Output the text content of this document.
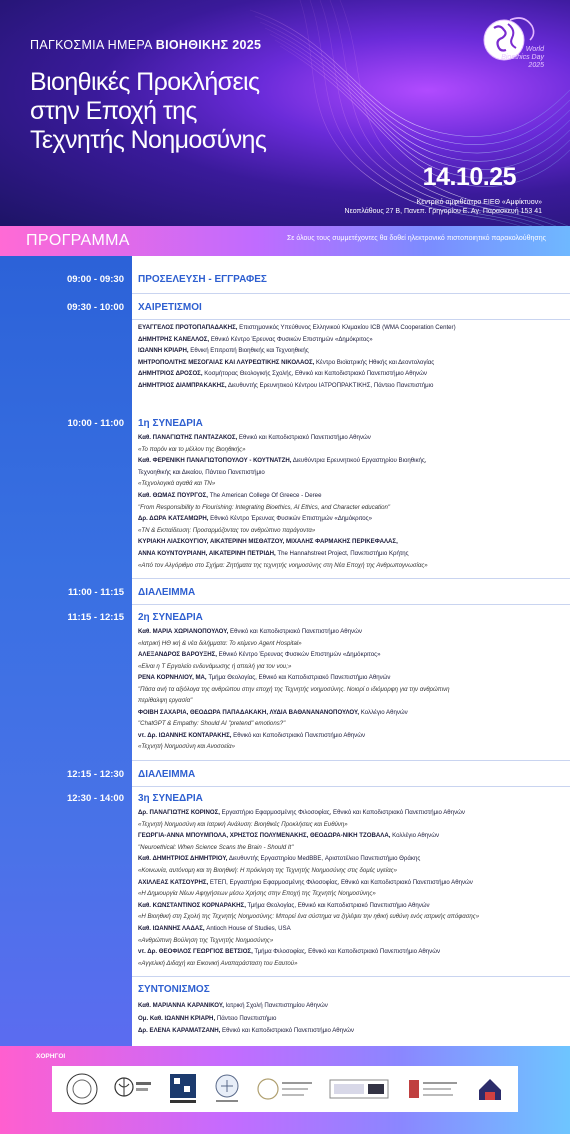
ΠΑΓΚΟΣΜΙΑ ΗΜΕΡΑ ΒΙΟΗΘΙΚΗΣ 2025
Βιοηθικές Προκλήσεις
στην Εποχή της
Τεχνητής Νοημοσύνης
World Bioethics Day 2025
14.10.25
Κεντρικό αμφιθέατρο ΕΙΕΘ «Αμφίκτυον»
Νεοπλάθους 27 Β, Πανεπ. Γρηγορίου Ε. Αγ. Παρασκευή 153 41
ΠΡΟΓΡΑΜΜΑ	Σε όλους τους συμμετέχοντες θα δοθεί ηλεκτρονικό πιστοποιητικό παρακολούθησης
09:00 - 09:30
09:30 - 10:00
10:00 - 11:00
11:00 - 11:15
11:15 - 12:15
12:15 - 12:30
12:30 - 14:00
ΠΡΟΣΕΛΕΥΣΗ - ΕΓΓΡΑΦΕΣ
ΧΑΙΡΕΤΙΣΜΟΙ
1η ΣΥΝΕΔΡΙΑ
ΔΙΑΛΕΙΜΜΑ
2η ΣΥΝΕΔΡΙΑ
ΔΙΑΛΕΙΜΜΑ
3η ΣΥΝΕΔΡΙΑ
ΣΥΝΤΟΝΙΣΜΟΣ
ΕΥΑΓΓΕΛΟΣ ΠΡΟΤΟΠΑΠΑΔΑΚΗΣ, Επιστημονικός Υπεύθυνος Ελληνικού Κλιμακίου ICB (WMA Cooperation Center)
ΔΗΜΗΤΡΗΣ ΚΑΝΕΛΛΟΣ, Εθνικό Κέντρο Έρευνας Φυσικών Επιστημών «Δημόκριτος»
ΙΩΑΝΝΗ ΚΡΙΑΡΗ, Εθνική Επιτροπή Βιοηθικής και Τεχνοηθικής
ΜΗΤΡΟΠΟΛΙΤΗΣ ΜΕΣΟΓΑΙΑΣ ΚΑΙ ΛΑΥΡΕΩΤΙΚΗΣ ΝΙΚΟΛΑΟΣ, Κέντρο Βιοϊατρικής Ηθικής και Δεοντολογίας
ΔΗΜΗΤΡΙΟΣ ΔΡΟΣΟΣ, Κοσμήτορας Θεολογικής Σχολής, Εθνικό και Καποδιστριακό Πανεπιστήμιο Αθηνών
ΔΗΜΗΤΡΙΟΣ ΔΙΑΜΠΡΑΚΑΚΗΣ, Διευθυντής Ερευνητικού Κέντρου ΙΑΤΡΟΠΡΑΚΤΙΚΗΣ, Πάντειο Πανεπιστήμιο
Καθ. ΠΑΝΑΓΙΩΤΗΣ ΠΑΝΤΑΖΑΚΟΣ, Εθνικό και Καποδιστριακό Πανεπιστήμιο Αθηνών
«Το παρόν και το μέλλον της Βιοηθικής»
Καθ. ΦΕΡΕΝΙΚΗ ΠΑΝΑΓΙΩΤΟΠΟΥΛΟΥ - ΚΟΥΤΝΑΤΖΗ, Διευθύντρια Ερευνητικού Εργαστηρίου Βιοηθικής,
Τεχνοηθικής και Δικαίου, Πάντειο Πανεπιστήμιο
«Τεχνολογικά αγαθά και ΤΝ»
Καθ. ΘΩΜΑΣ ΠΟΥΡΓΟΣ, The American College Of Greece - Deree
"From Responsibility to Flourishing: Integrating Bioethics, AI Ethics, and Character education"
Δρ. ΔΩΡΑ ΚΑΤΣΑΜΩΡΗ, Εθνικό Κέντρο Έρευνας Φυσικών Επιστημών «Δημόκριτος»
«ΤΝ & Εκπαίδευση: Προσαρμόζοντας τον ανθρώπινο παράγοντα»
ΚΥΡΙΑΚΗ ΛΙΑΣΚΟΥΓΙΟΥ, ΑΙΚΑΤΕΡΙΝΗ ΜΙΣΘΑΤΖΟΥ, ΜΙΧΑΛΗΣ ΦΑΡΜΑΚΗΣ ΠΕΡΙΚΕΦΑΛΑΣ,
ΑΝΝΑ ΚΟΥΝΤΟΥΡΙΑΝΗ, ΑΙΚΑΤΕΡΙΝΗ ΠΕΤΡΙΔΗ, The Hannahstreet Project, Πανεπιστήμιο Κρήτης
«Από τον Αλγόριθμο στο Σχήμα: Ζητήματα της τεχνητής νοημοσύνης στη Νέα Εποχή της Ανθρωπογνωσίας»
Καθ. ΜΑΡΙΑ ΧΩΡΙΑΝΟΠΟΥΛΟΥ, Εθνικό και Καποδιστριακό Πανεπιστήμιο Αθηνών
«Ιατρική ΗΘ ική & νέα διλήμματα: Το κείμενο Agent Hospital»
ΑΛΕΞΑΝΔΡΟΣ ΒΑΡΟΥΞΗΣ, Εθνικό Κέντρο Έρευνας Φυσικών Επιστημών «Δημόκριτος»
«Είναι η Τ Εργαλείο ενδυνάμωσης ή απειλή για τον νου;»
ΡΕΝΑ ΚΟΡΝΗΛΙΟΥ, MA, Τμήμα Θεολογίας, Εθνικό και Καποδιστριακό Πανεπιστήμιο Αθηνών
"Πάσα ανή τα αξιόλογα της ανθρώπου στην εποχή της Τεχνητής νοημοσύνης. Νοιορί ο ιδιόμορφη για την ανθρώπινη
περίθαλψη εργασία"
ΦΟΙΒΗ ΣΑΧΑΡΙΑ, ΘΕΟΔΩΡΑ ΠΑΠΑΔΑΚΑΚΗ, ΛΥΔΙΑ ΒΑΘΑΝΑΝΑΝΟΠΟΥΛΟΥ, Κολλέγιο Αθηνών
"ChatGPT & Empathy: Should AI "pretend" emotions?"
ντ. Δρ. ΙΩΑΝΝΗΣ ΚΟΝΤΑΡΑΚΗΣ, Εθνικό και Καποδιστριακό Πανεπιστήμιο Αθηνών
«Τεχνητή Νοημοσύνη και Ανοσοεία»
Δρ. ΠΑΝΑΓΙΩΤΗΣ ΚΟΡΙΝΟΣ, Εργαστήριο Εφαρμοσμένης Φιλοσοφίας, Εθνικό και Καποδιστριακό Πανεπιστήμιο Αθηνών
«Τεχνητή Νοημοσύνη και Ιατρική Ανάλυση: Βιοηθικές Προκλήσεις και Ευθύνη»
ΓΕΩΡΓΙΑ-ΑΝΝΑ ΜΠΟΥΜΠΟΛΑ, ΧΡΗΣΤΟΣ ΠΟΛΥΜΕΝΑΚΗΣ, ΘΕΟΔΩΡΑ-ΝΙΚΗ ΤΖΟΒΑΛΑ, Κολλέγιο Αθηνών
"Neuroethical: When Science Scans the Brain - Should It"
Καθ. ΔΗΜΗΤΡΙΟΣ ΔΗΜΗΤΡΙΟΥ, Διευθυντής Εργαστηρίου MedBBE, Αριστοτέλειο Πανεπιστήμιο Θράκης
«Κοινωνία, αυτόνομη και τη Βιοηθική: Η πρόκληση της Τεχνητής Νοημοσύνης στις δομές υγείας»
ΑΧΙΛΛΕΑΣ ΚΑΤΣΟΥΡΗΣ, ΕΤΕΠ, Εργαστήριο Εφαρμοσμένης Φιλοσοφίας, Εθνικό και Καποδιστριακό Πανεπιστήμιο Αθηνών
«Η Δημιουργία Νέων Αφηγήσεων μέσω Χρήσης στην Εποχή της Τεχνητής Νοημοσύνης»
Καθ. ΚΩΝΣΤΑΝΤΙΝΟΣ ΚΟΡΝΑΡΑΚΗΣ, Τμήμα Θεολογίας, Εθνικό και Καποδιστριακό Πανεπιστήμιο Αθηνών
«Η Βιοηθική στη Σχολή της Τεχνητής Νοημοσύνης: Μπορεί ένα σύστημα να ζηλέψει την ηθική ευθύνη ενός ιατρικής απόφασης»
Καθ. ΙΩΑΝΝΗΣ ΛΑΔΑΣ, Antioch House of Studies, USA
«Ανθρώπινη Βούληση της Τεχνητής Νοημοσύνης»
ντ. Δρ. ΘΕΟΦΙΛΟΣ ΓΕΩΡΓΙΟΣ ΒΕΤΣΙΟΣ, Τμήμα Φιλοσοφίας, Εθνικό και Καποδιστριακό Πανεπιστήμιο Αθηνών
«Αγγελική Διδαχή και Εικονική Αναπαράσταση του Εαυτού»
Καθ. ΜΑΡΙΑΝΝΑ ΚΑΡΑΝΙΚΟΥ, Ιατρική Σχολή Πανεπιστημίου Αθηνών
Ομ. Καθ. ΙΩΑΝΝΗ ΚΡΙΑΡΗ, Πάντειο Πανεπιστήμιο
Δρ. ΕΛΕΝΑ ΚΑΡΑΜΑΤΖΑΝΗ, Εθνικό και Καποδιστριακό Πανεπιστήμιο Αθηνών
ΧΟΡΗΓΟΙ
